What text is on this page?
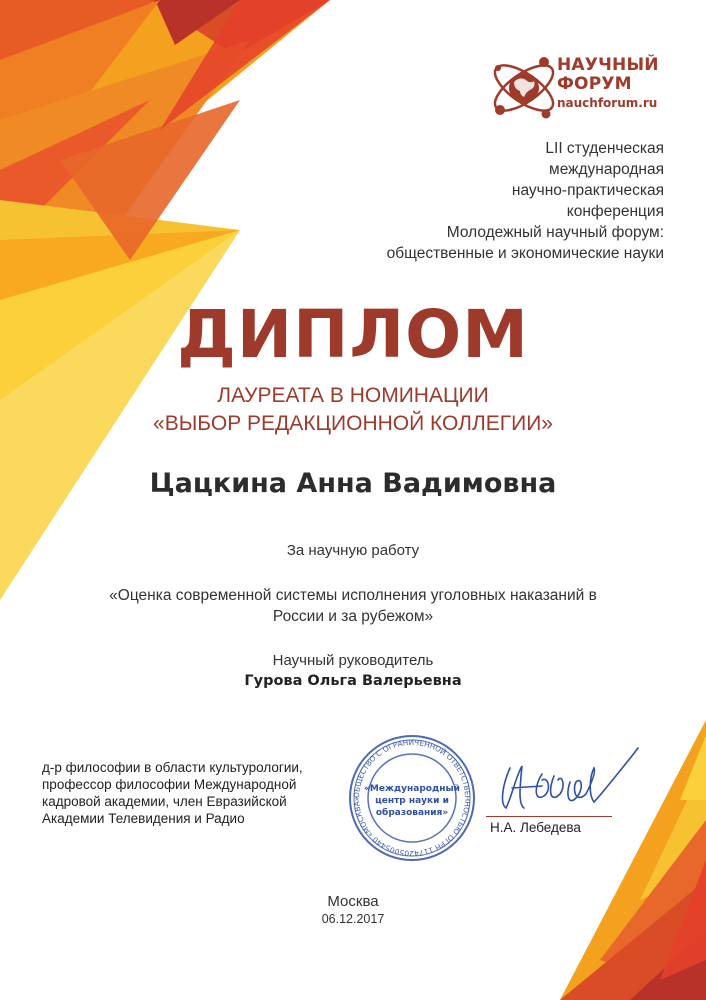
НАУЧНЫЙ
ФОРУМ
nauchforum.ru
LII студенческая
международная
научно-практическая
конференция
Молодежный научный форум:
общественные и экономические науки
ДИПЛОМ
ЛАУРЕАТА В НОМИНАЦИИ
«ВЫБОР РЕДАКЦИОННОЙ КОЛЛЕГИИ»
Цацкина Анна Вадимовна
За научную работу
«Оценка современной системы исполнения уголовных наказаний в
России и за рубежом»
Научный руководитель
Гурова Ольга Валерьевна
д-р философии в области культурологии,
профессор философии Международной
кадровой академии, член Евразийской
Академии Телевидения и Радио
ОБЩЕСТВО С ОГРАНИЧЕННОЙ ОТВЕТСТВЕННОСТЬЮ ОГРН 1174205005440 «МОСКВА»
«Международный
центр науки и
образования»
Н.А. Лебедева
Москва
06.12.2017
